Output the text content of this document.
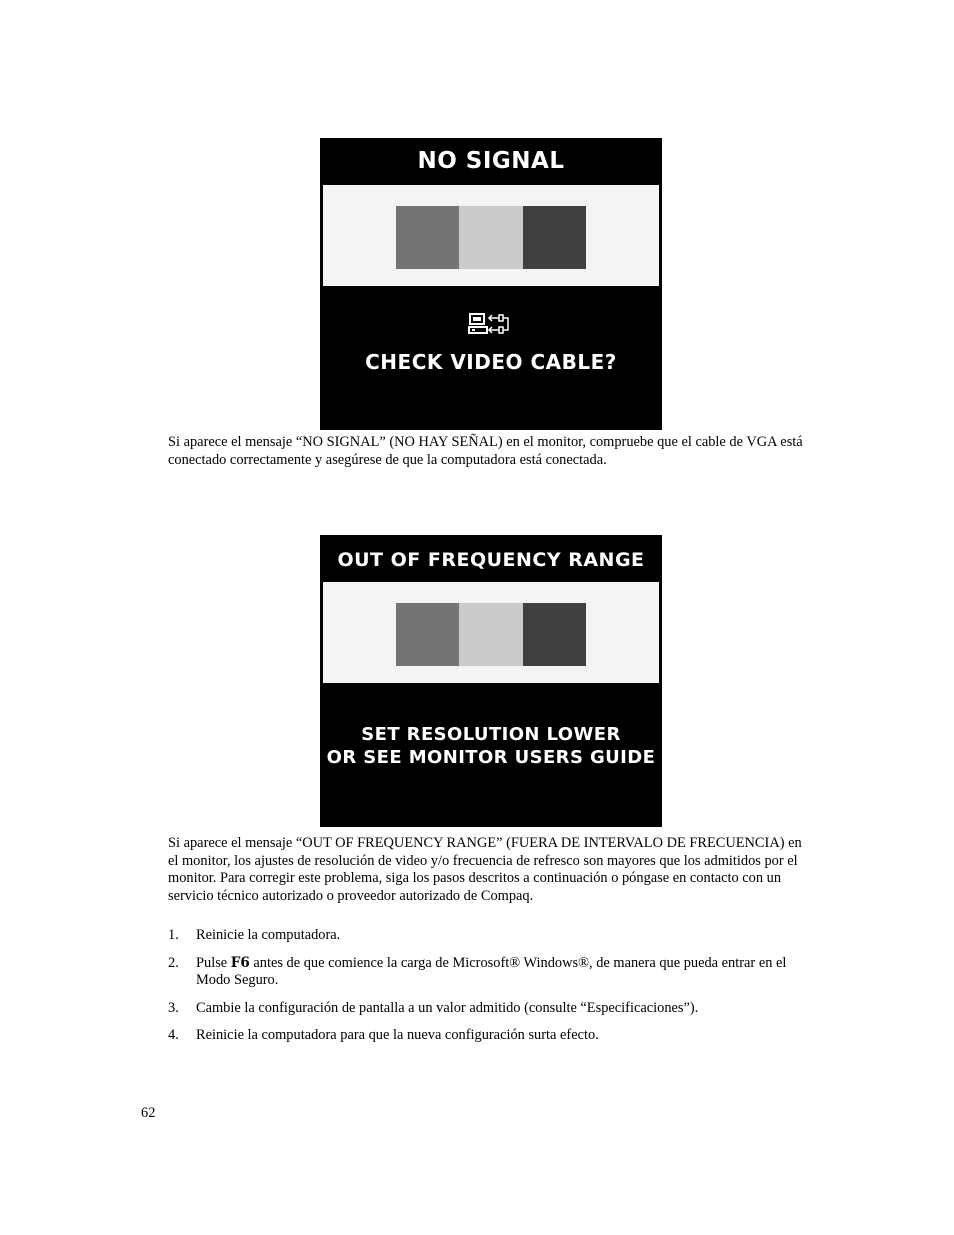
NO SIGNAL
CHECK VIDEO CABLE?
Si aparece el mensaje “NO SIGNAL” (NO HAY SEÑAL) en el monitor, compruebe que el cable de VGA está conectado correctamente y asegúrese de que la computadora está conectada.
OUT OF FREQUENCY RANGE
SET RESOLUTION LOWER
OR SEE MONITOR USERS GUIDE
Si aparece el mensaje “OUT OF FREQUENCY RANGE” (FUERA DE INTERVALO DE FRECUENCIA) en el monitor, los ajustes de resolución de video y/o frecuencia de refresco son mayores que los admitidos por el monitor. Para corregir este problema, siga los pasos descritos a continuación o póngase en contacto con un servicio técnico autorizado o proveedor autorizado de Compaq.
1. Reinicie la computadora.
2. Pulse F6 antes de que comience la carga de Microsoft® Windows®, de manera que pueda entrar en el Modo Seguro.
3. Cambie la configuración de pantalla a un valor admitido (consulte “Especificaciones”).
4. Reinicie la computadora para que la nueva configuración surta efecto.
62
